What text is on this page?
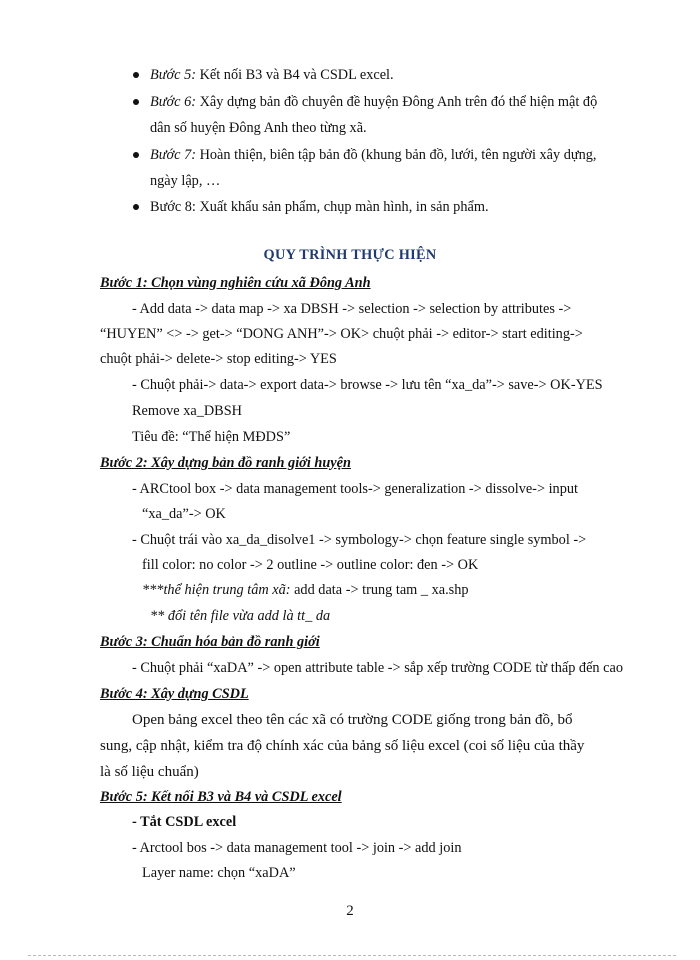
Bước 5: Kết nối B3 và B4 và CSDL excel.
Bước 6: Xây dựng bản đồ chuyên đề huyện Đông Anh trên đó thể hiện mật độ
dân số huyện Đông Anh theo từng xã.
Bước 7: Hoàn thiện, biên tập bản đồ (khung bản đồ, lưới, tên người xây dựng,
ngày lập, …
Bước 8: Xuất khẩu sản phẩm, chụp màn hình, in sản phẩm.
QUY TRÌNH THỰC HIỆN
Bước 1: Chọn vùng nghiên cứu xã Đông Anh
- Add data -> data map -> xa DBSH -> selection -> selection by attributes ->
“HUYEN” <> -> get-> “DONG ANH”-> OK> chuột phải -> editor-> start editing->
chuột phải-> delete-> stop editing-> YES
- Chuột phải-> data-> export data-> browse -> lưu tên “xa_da”-> save-> OK-YES
Remove xa_DBSH
Tiêu đề: “Thể hiện MĐDS”
Bước 2: Xây dựng bản đồ ranh giới huyện
- ARCtool box -> data management tools-> generalization -> dissolve-> input
“xa_da”-> OK
- Chuột trái vào xa_da_disolve1 -> symbology-> chọn feature single symbol ->
fill color: no color -> 2 outline -> outline color: đen -> OK
***thể hiện trung tâm xã: add data -> trung tam _ xa.shp
** đổi tên file vừa add là tt_ da
Bước 3: Chuẩn hóa bản đồ ranh giới
- Chuột phải “xaDA” -> open attribute table -> sắp xếp trường CODE từ thấp đến cao
Bước 4: Xây dựng CSDL
Open bảng excel theo tên các xã có trường CODE giống trong bản đồ, bổ
sung, cập nhật, kiểm tra độ chính xác của bảng số liệu excel (coi số liệu của thầy
là số liệu chuẩn)
Bước 5: Kết nối B3 và B4 và CSDL excel
- Tắt CSDL excel
- Arctool bos -> data management tool -> join -> add join
Layer name: chọn “xaDA”
2
